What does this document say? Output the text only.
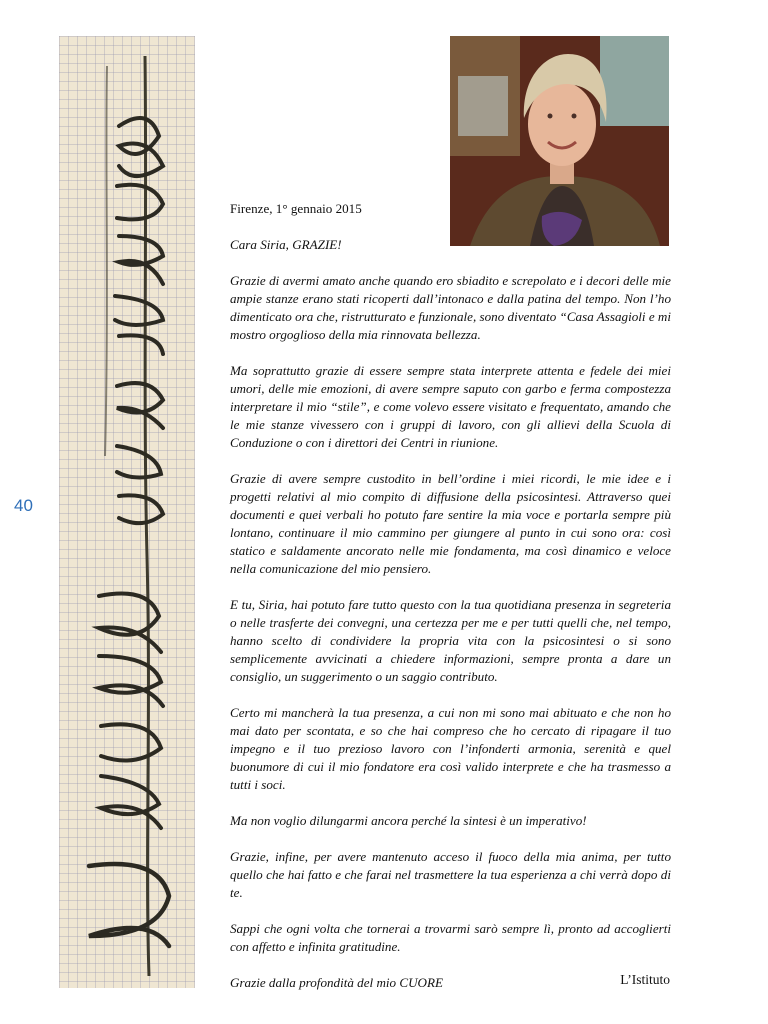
40

Firenze, 1° gennaio 2015

Cara Siria, GRAZIE!

Grazie di avermi amato anche quando ero sbiadito e screpolato e i decori delle mie ampie stanze erano stati ricoperti dall’intonaco e dalla patina del tempo. Non l’ho dimenticato ora che, ristrutturato e funzionale, sono diventato “Casa Assagioli e mi mostro orgoglioso della mia rinnovata bellezza.

Ma soprattutto grazie di essere sempre stata interprete attenta e fedele dei miei umori, delle mie emozioni, di avere sempre saputo con garbo e ferma compostezza interpretare il mio “stile”, e come volevo essere visitato e frequentato, amando che le mie stanze vivessero con i gruppi di lavoro, con gli allievi della Scuola di Conduzione o con i direttori dei Centri in riunione.

Grazie di avere sempre custodito in bell’ordine i miei ricordi, le mie idee e i progetti relativi al mio compito di diffusione della psicosintesi. Attraverso quei documenti e quei verbali ho potuto fare sentire la mia voce e portarla sempre più lontano, continuare il mio cammino per giungere al punto in cui sono ora: così statico e saldamente ancorato nelle mie fondamenta, ma così dinamico e veloce nella comunicazione del mio pensiero.

E tu, Siria, hai potuto fare tutto questo con la tua quotidiana presenza in segreteria o nelle trasferte dei convegni, una certezza per me e per tutti quelli che, nel tempo, hanno scelto di condividere la propria vita con la psicosintesi o si sono semplicemente avvicinati a chiedere informazioni, sempre pronta a dare un consiglio, un suggerimento o un saggio contributo.

Certo mi mancherà la tua presenza, a cui non mi sono mai abituato e che non ho mai dato per scontata, e so che hai compreso che ho cercato di ripagare il tuo impegno e il tuo prezioso lavoro con l’infonderti armonia, serenità e quel buonumore di cui il mio fondatore era così valido interprete e che ha trasmesso a tutti i soci.

Ma non voglio dilungarmi ancora perché la sintesi è un imperativo!

Grazie, infine, per avere mantenuto acceso il fuoco della mia anima, per tutto quello che hai fatto e che farai nel trasmettere la tua esperienza a chi verrà dopo di te.

Sappi che ogni volta che tornerai a trovarmi sarò sempre lì, pronto ad accoglierti con affetto e infinita gratitudine.

Grazie dalla profondità del mio CUORE	L’Istituto
